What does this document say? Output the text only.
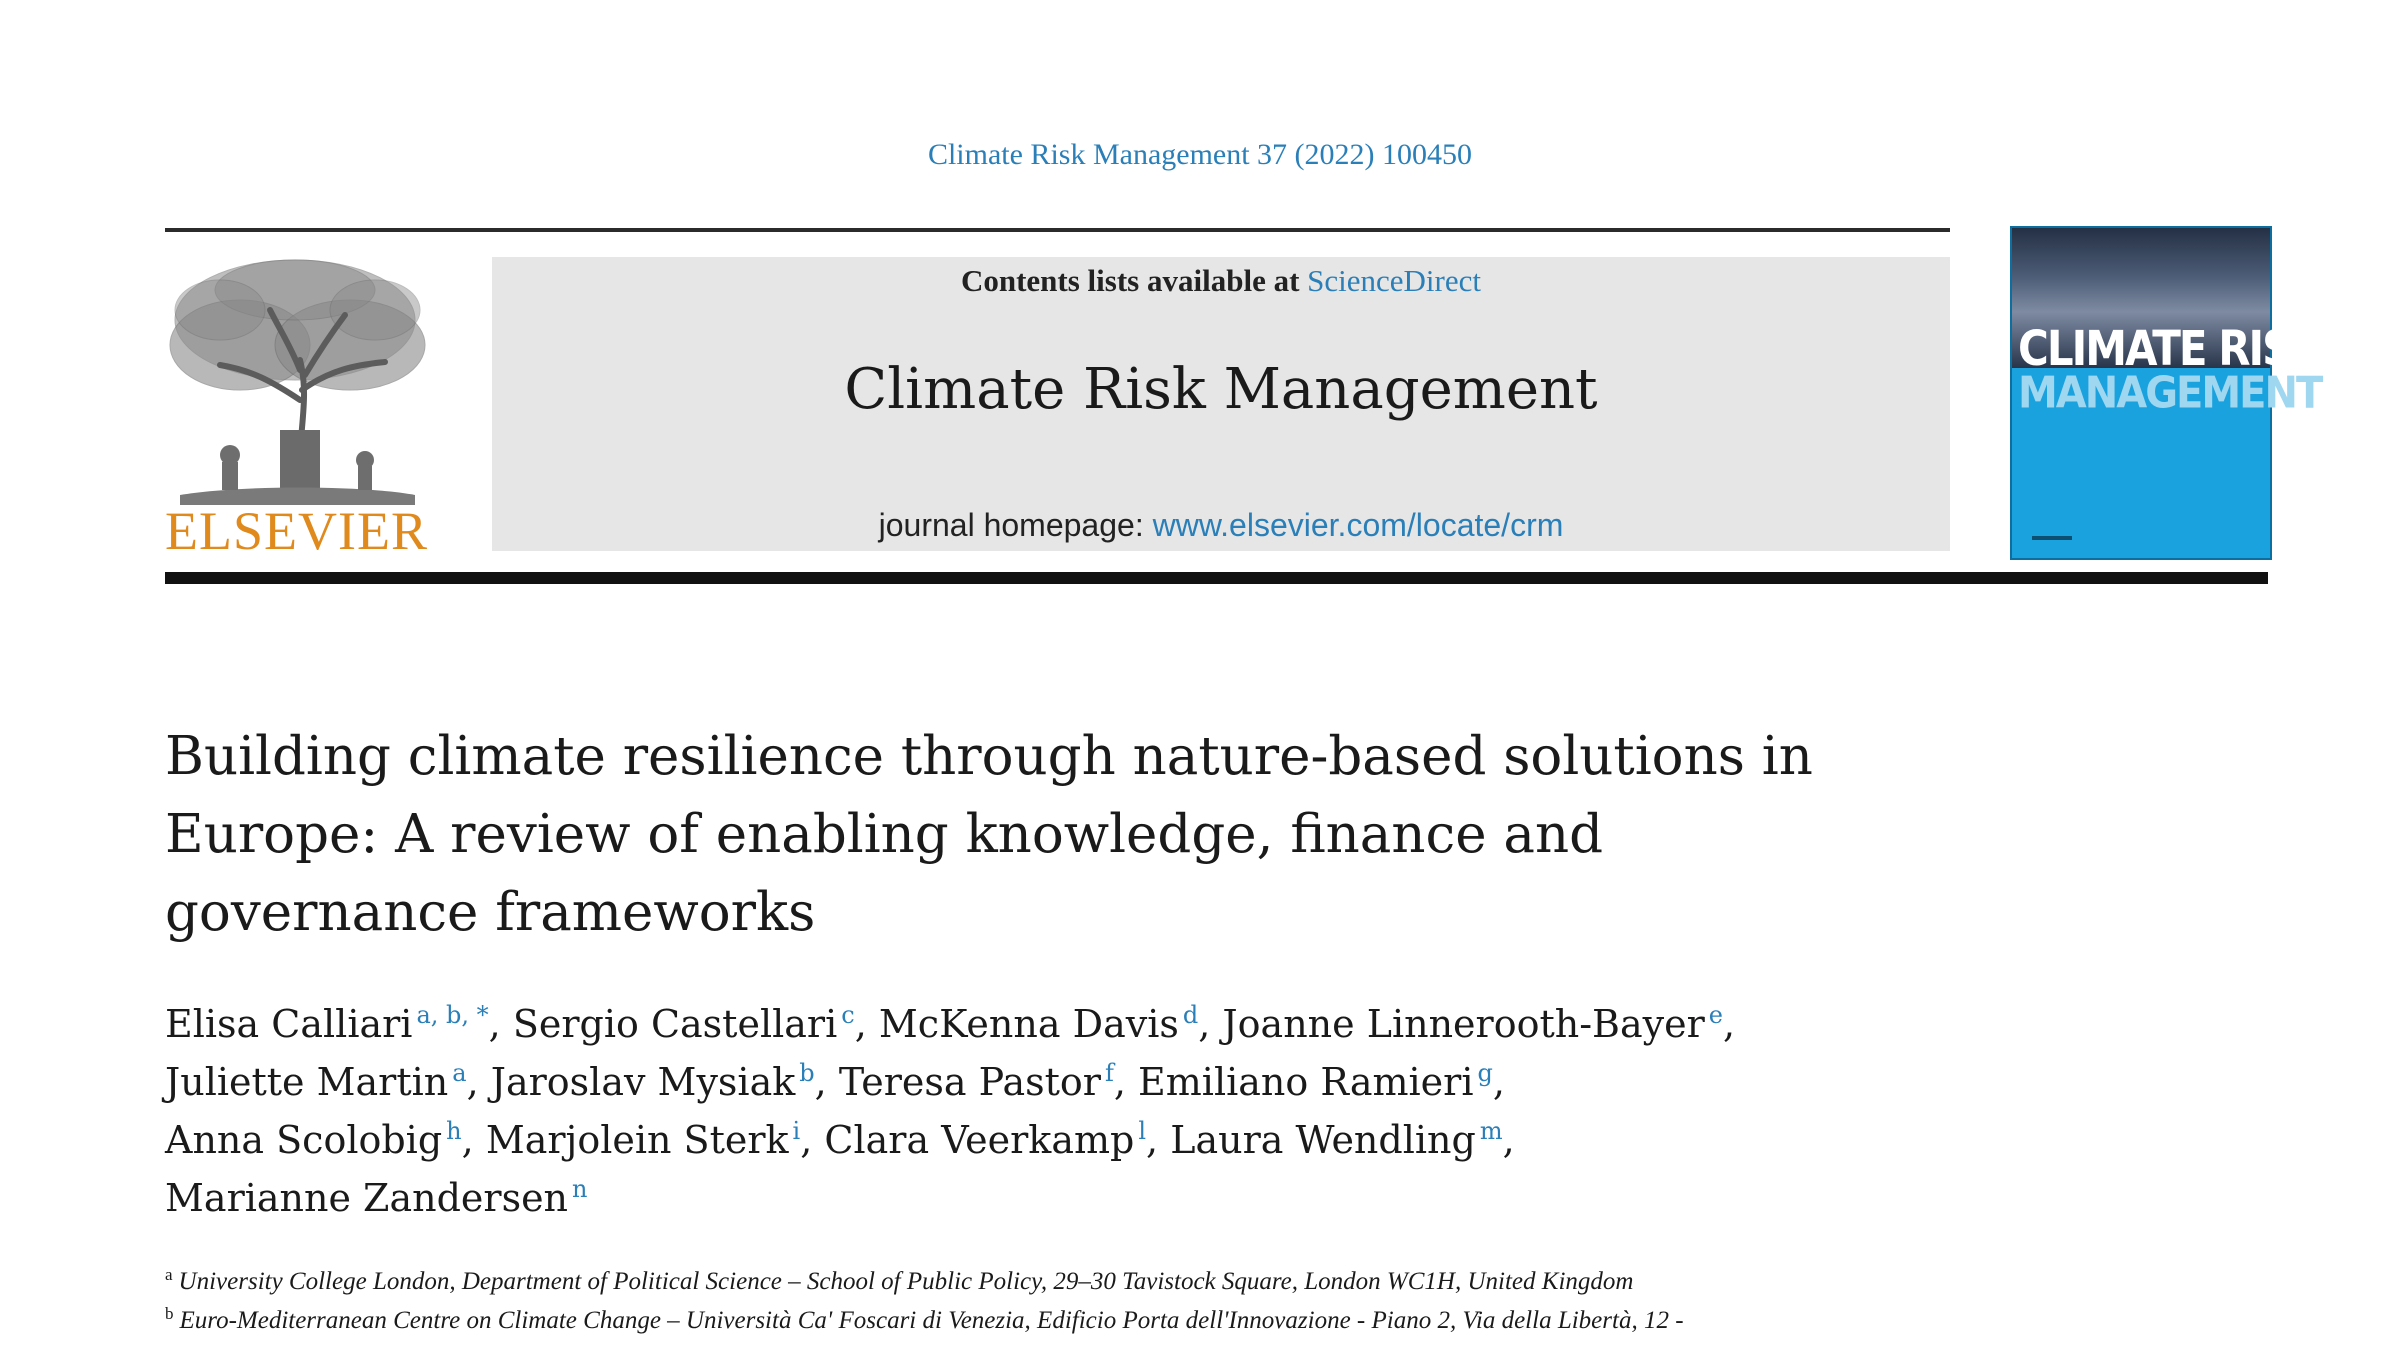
Climate Risk Management 37 (2022) 100450
ELSEVIER
Contents lists available at ScienceDirect
Climate Risk Management
journal homepage: www.elsevier.com/locate/crm
CLIMATE RISK
MANAGEMENT
Building climate resilience through nature-based solutions in
Europe: A review of enabling knowledge, finance and
governance frameworks
Elisa Calliari $^{a, b, *}$, Sergio Castellari $^c$, McKenna Davis $^d$, Joanne Linnerooth-Bayer $^e$,
Juliette Martin $^a$, Jaroslav Mysiak $^b$, Teresa Pastor $^f$, Emiliano Ramieri $^g$,
Anna Scolobig $^h$, Marjolein Sterk $^i$, Clara Veerkamp $^l$, Laura Wendling $^m$,
Marianne Zandersen $^n$
$^a$ University College London, Department of Political Science – School of Public Policy, 29–30 Tavistock Square, London WC1H, United Kingdom
$^b$ Euro-Mediterranean Centre on Climate Change – Università Ca' Foscari di Venezia, Edificio Porta dell'Innovazione - Piano 2, Via della Libertà, 12 -
